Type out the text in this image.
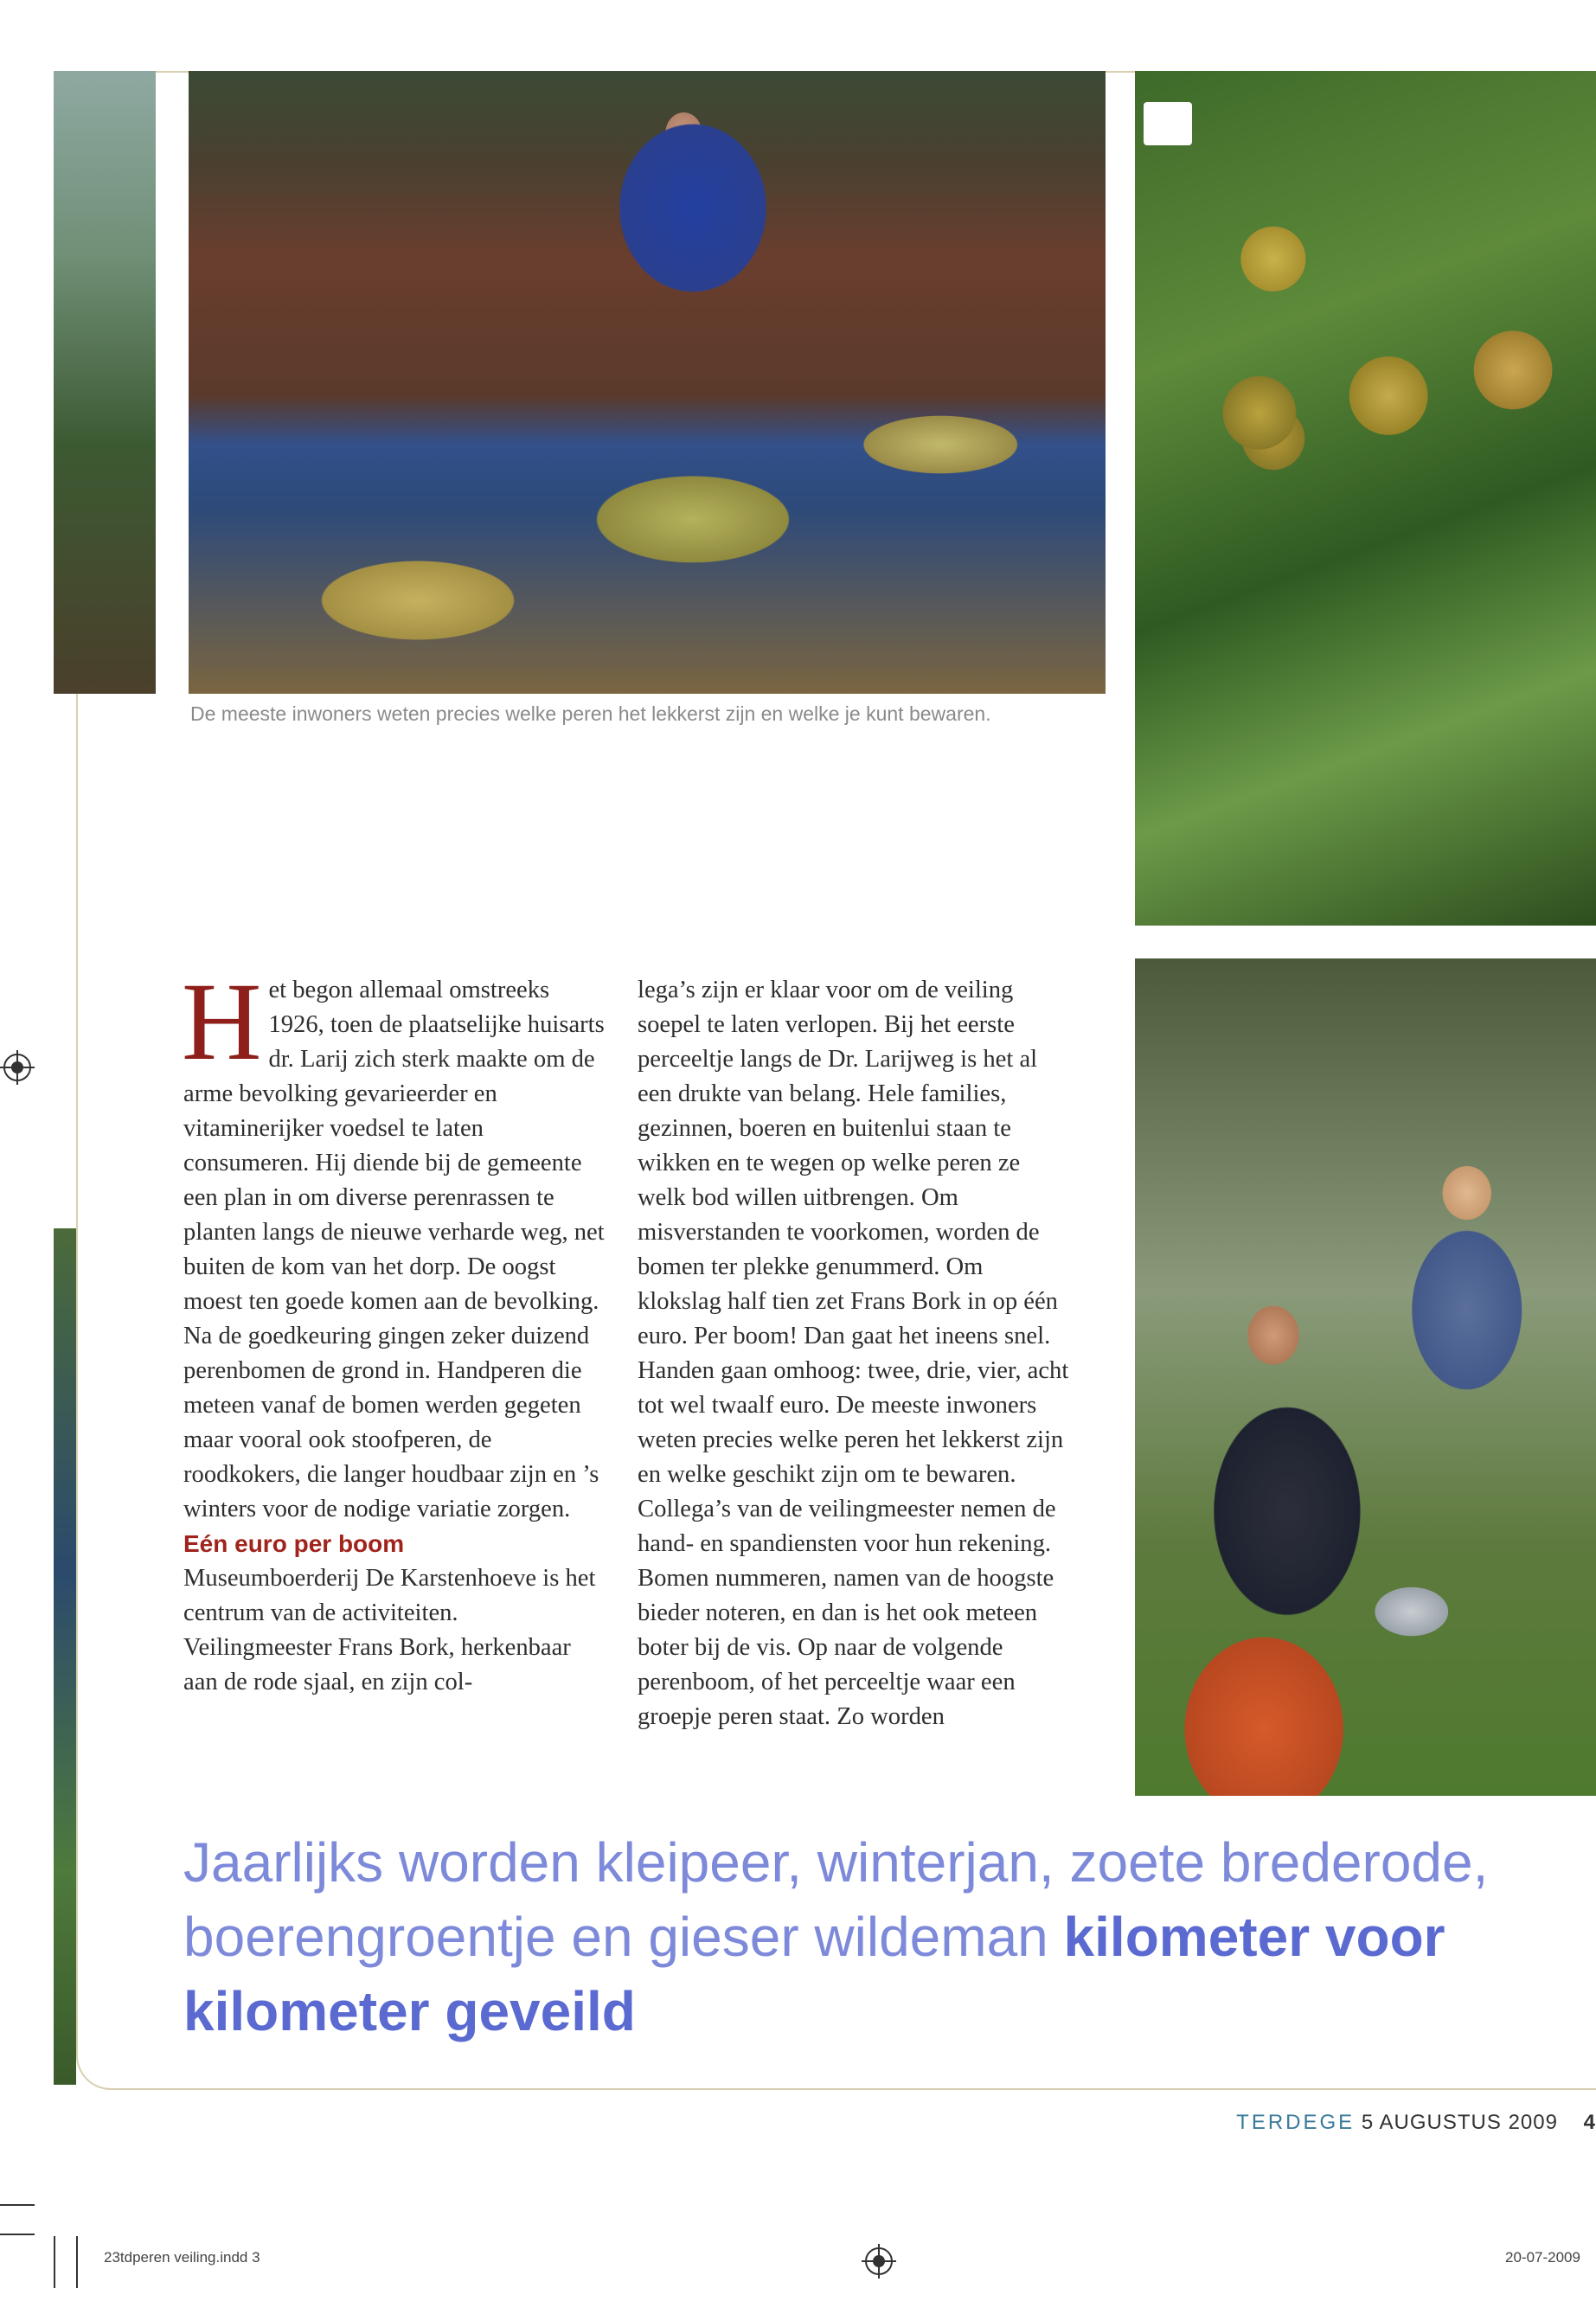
De meeste inwoners weten precies welke peren het lekkerst zijn en welke je kunt bewaren.

Het begon allemaal omstreeks 1926, toen de plaatselijke huisarts dr. Larij zich sterk maakte om de arme bevolking gevarieerder en vitaminerijker voedsel te laten consumeren. Hij diende bij de gemeente een plan in om diverse perenrassen te planten langs de nieuwe verharde weg, net buiten de kom van het dorp. De oogst moest ten goede komen aan de bevolking.

Na de goedkeuring gingen zeker duizend perenbomen de grond in. Handperen die meteen vanaf de bomen werden gegeten maar vooral ook stoofperen, de roodkokers, die langer houdbaar zijn en ’s winters voor de nodige variatie zorgen.

Eén euro per boom

Museumboerderij De Karstenhoeve is het centrum van de activiteiten. Veilingmeester Frans Bork, herkenbaar aan de rode sjaal, en zijn col-

lega’s zijn er klaar voor om de veiling soepel te laten verlopen. Bij het eerste perceeltje langs de Dr. Larijweg is het al een drukte van belang. Hele families, gezinnen, boeren en buitenlui staan te wikken en te wegen op welke peren ze welk bod willen uitbrengen. Om misverstanden te voorkomen, worden de bomen ter plekke genummerd. Om klokslag half tien zet Frans Bork in op één euro. Per boom! Dan gaat het ineens snel. Handen gaan omhoog: twee, drie, vier, acht tot wel twaalf euro. De meeste inwoners weten precies welke peren het lekkerst zijn en welke geschikt zijn om te bewaren. Collega’s van de veilingmeester nemen de hand- en spandiensten voor hun rekening. Bomen nummeren, namen van de hoogste bieder noteren, en dan is het ook meteen boter bij de vis. Op naar de volgende perenboom, of het perceeltje waar een groepje peren staat. Zo worden

Jaarlijks worden kleipeer, winterjan, zoete brederode, boerengroentje en gieser wildeman kilometer voor kilometer geveild
TERDEGE 5 AUGUSTUS 2009 4
23tdperen veiling.indd 3	20-07-2009
